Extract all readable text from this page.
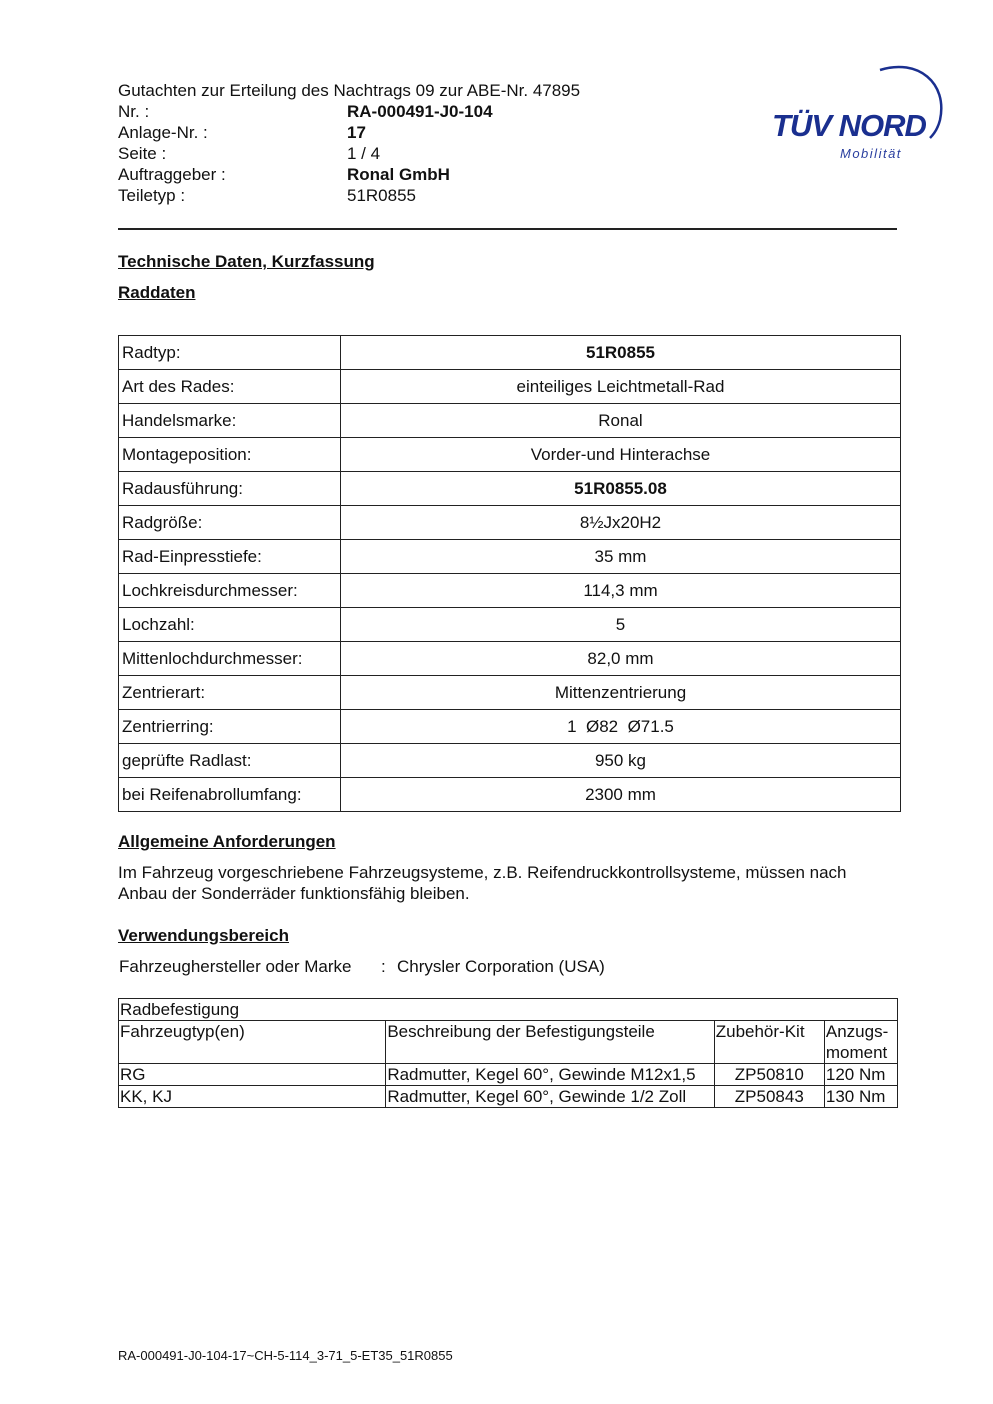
Gutachten zur Erteilung des Nachtrags 09 zur ABE-Nr. 47895
Nr. :	RA-000491-J0-104
Anlage-Nr. :	17
Seite :	1 / 4
Auftraggeber :	Ronal GmbH
Teiletyp :	51R0855
TÜV NORD
Mobilität
Technische Daten, Kurzfassung
Raddaten
Radtyp:	51R0855
Art des Rades:	einteiliges Leichtmetall-Rad
Handelsmarke:	Ronal
Montageposition:	Vorder-und Hinterachse
Radausführung:	51R0855.08
Radgröße:	8½Jx20H2
Rad-Einpresstiefe:	35 mm
Lochkreisdurchmesser:	114,3 mm
Lochzahl:	5
Mittenlochdurchmesser:	82,0 mm
Zentrierart:	Mittenzentrierung
Zentrierring:	1  Ø82  Ø71.5
geprüfte Radlast:	950 kg
bei Reifenabrollumfang:	2300 mm
Allgemeine Anforderungen
Im Fahrzeug vorgeschriebene Fahrzeugsysteme, z.B. Reifendruckkontrollsysteme, müssen nach Anbau der Sonderräder funktionsfähig bleiben.
Verwendungsbereich
Fahrzeughersteller oder Marke	: Chrysler Corporation (USA)
Radbefestigung			
Fahrzeugtyp(en)	Beschreibung der Befestigungsteile	Zubehör-Kit	Anzugs-
moment
RG	Radmutter, Kegel 60°, Gewinde M12x1,5	ZP50810	120 Nm
KK, KJ	Radmutter, Kegel 60°, Gewinde 1/2 Zoll	ZP50843	130 Nm
RA-000491-J0-104-17~CH-5-114_3-71_5-ET35_51R0855
